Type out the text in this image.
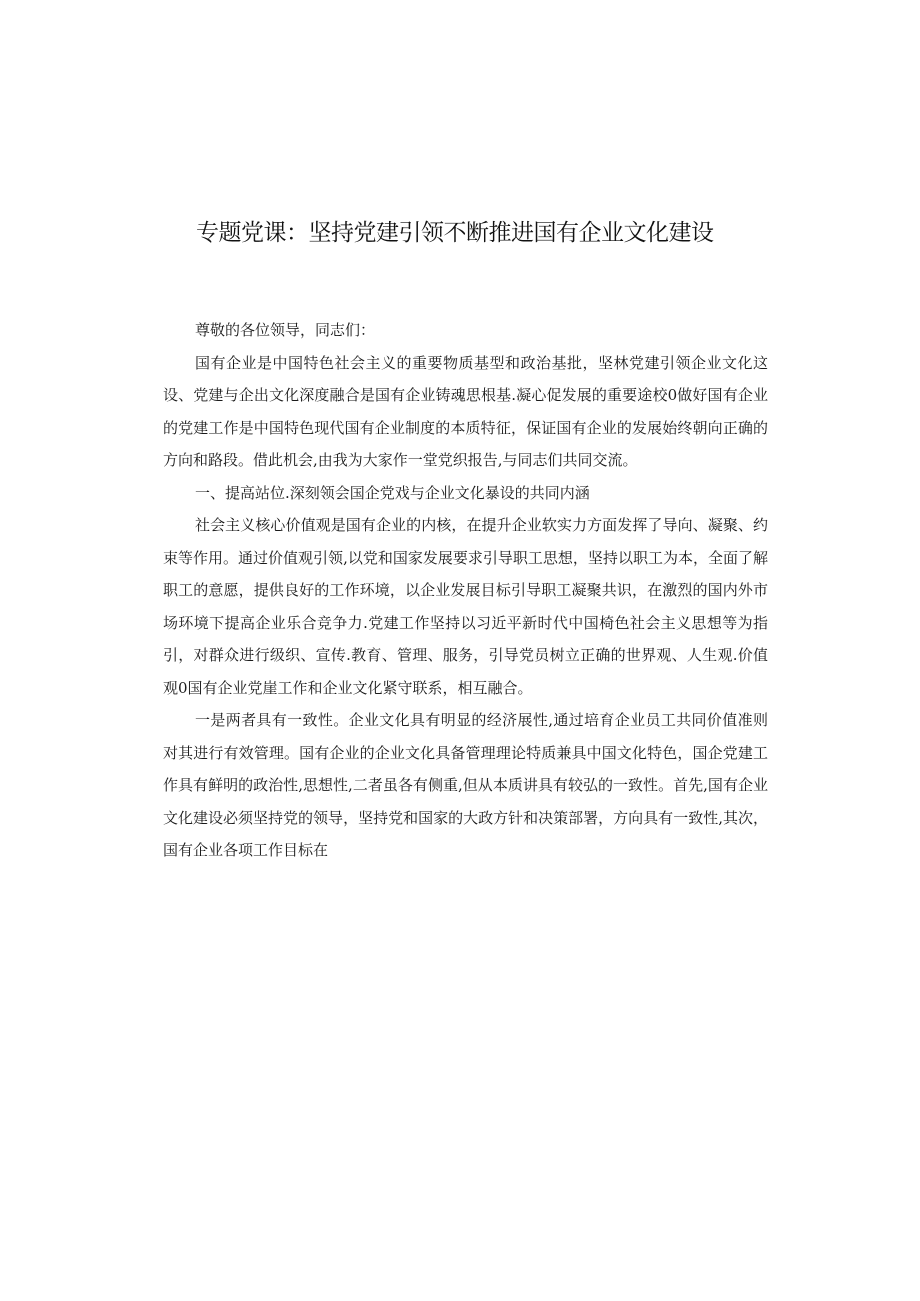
专题党课：坚持党建引领不断推进国有企业文化建设

尊敬的各位领导，同志们：

国有企业是中国特色社会主义的重要物质基型和政治基批，坚林党建引领企业文化这设、党建与企出文化深度融合是国有企业铸魂思根基.凝心促发展的重要途校0做好国有企业的党建工作是中国特色现代国有企业制度的本质特征，保证国有企业的发展始终朝向正确的方向和路段。借此机会,由我为大家作一堂党织报告,与同志们共同交流。

一、提高站位.深刻领会国企党戏与企业文化暴设的共同内涵

社会主义核心价值观是国有企业的内核，在提升企业软实力方面发挥了导向、凝聚、约束等作用。通过价值观引领,以党和国家发展要求引导职工思想，坚持以职工为本，全面了解职工的意愿，提供良好的工作环境，以企业发展目标引导职工凝聚共识，在激烈的国内外市场环境下提高企业乐合竞争力.党建工作坚持以习近平新时代中国椅色社会主义思想等为指引，对群众进行级织、宣传.教育、管理、服务，引导党员树立正确的世界观、人生观.价值观0国有企业党崖工作和企业文化紧守联系，相互融合。

一是两者具有一致性。企业文化具有明显的经济展性,通过培育企业员工共同价值准则对其进行有效管理。国有企业的企业文化具备管理理论特质兼具中国文化特色，国企党建工作具有鲜明的政治性,思想性,二者虽各有侧重,但从本质讲具有较弘的一致性。首先,国有企业文化建设必须坚持党的领导，坚持党和国家的大政方针和决策部署，方向具有一致性,其次，国有企业各项工作目标在
